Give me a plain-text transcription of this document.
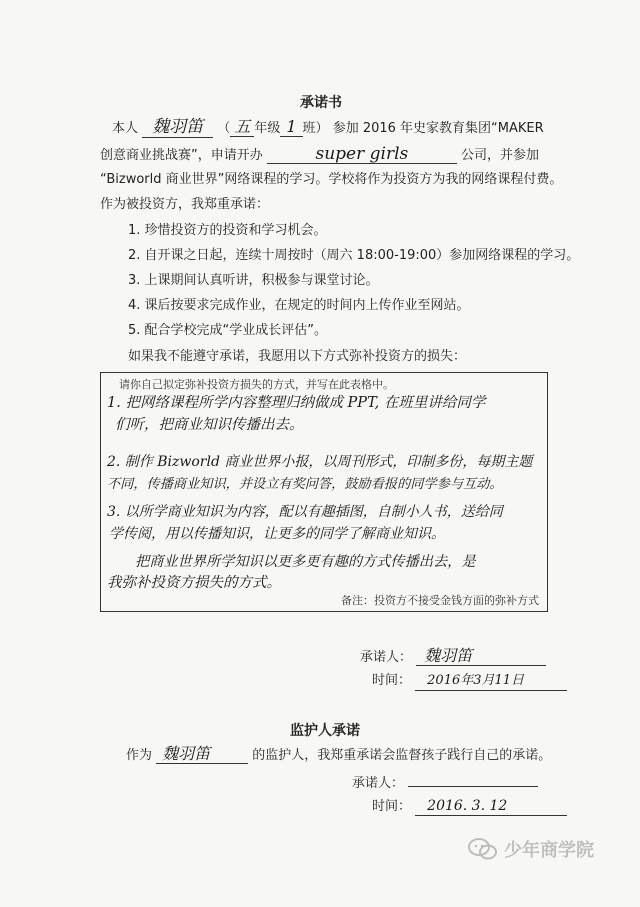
承诺书
本人 魏羽笛 （ 五 年级 1 班） 参加 2016 年史家教育集团“MAKER
创意商业挑战赛”，申请开办	super girls	公司，并参加
“Bizworld 商业世界”网络课程的学习。学校将作为投资方为我的网络课程付费。
作为被投资方，我郑重承诺：
1. 珍惜投资方的投资和学习机会。
2. 自开课之日起，连续十周按时（周六 18:00-19:00）参加网络课程的学习。
3. 上课期间认真听讲，积极参与课堂讨论。
4. 课后按要求完成作业，在规定的时间内上传作业至网站。
5. 配合学校完成“学业成长评估”。
如果我不能遵守承诺，我愿用以下方式弥补投资方的损失：
请你自己拟定弥补投资方损失的方式，并写在此表格中。
1. 把网络课程所学内容整理归纳做成 PPT, 在班里讲给同学
们听，把商业知识传播出去。
2. 制作 Bizworld 商业世界小报，以周刊形式，印制多份，每期主题
不同，传播商业知识，并设立有奖问答，鼓励看报的同学参与互动。
3. 以所学商业知识为内容，配以有趣插图，自制小人书，送给同
学传阅，用以传播知识，让更多的同学了解商业知识。
把商业世界所学知识以更多更有趣的方式传播出去，是
我弥补投资方损失的方式。
备注：投资方不接受金钱方面的弥补方式
承诺人： 魏羽笛
时间： 2016年3月11日
监护人承诺
作为 魏羽笛	的监护人，我郑重承诺会监督孩子践行自己的承诺。
承诺人：
时间： 2016. 3. 12
少年商学院
